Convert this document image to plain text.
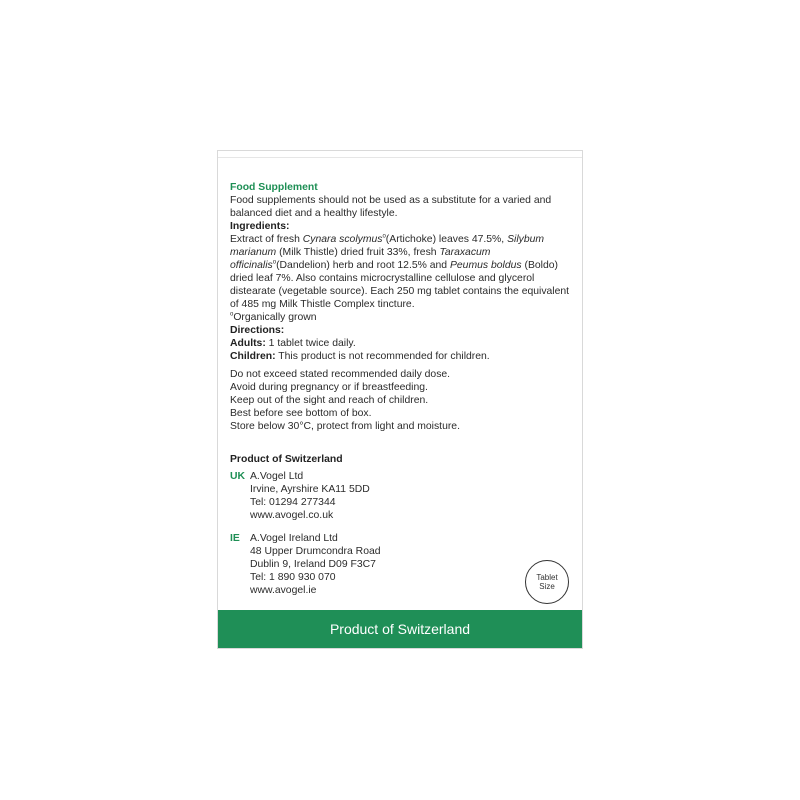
Food Supplement

Food supplements should not be used as a substitute for a varied and balanced diet and a healthy lifestyle.

Ingredients:

Extract of fresh Cynara scolymus$^o$(Artichoke) leaves 47.5%, Silybum marianum (Milk Thistle) dried fruit 33%, fresh Taraxacum officinalis$^o$(Dandelion) herb and root 12.5% and Peumus boldus (Boldo) dried leaf 7%. Also contains microcrystalline cellulose and glycerol distearate (vegetable source). Each 250 mg tablet contains the equivalent of 485 mg Milk Thistle Complex tincture.

$^o$Organically grown

Directions:

Adults: 1 tablet twice daily.

Children: This product is not recommended for children.

Do not exceed stated recommended daily dose.

Avoid during pregnancy or if breastfeeding.

Keep out of the sight and reach of children.

Best before see bottom of box.

Store below 30°C, protect from light and moisture.

Product of Switzerland
UK A.Vogel Ltd
Irvine, Ayrshire KA11 5DD
Tel: 01294 277344
www.avogel.co.uk
IE A.Vogel Ireland Ltd
48 Upper Drumcondra Road
Dublin 9, Ireland D09 F3C7
Tel: 1 890 930 070
www.avogel.ie
Tablet
Size
Product of Switzerland
